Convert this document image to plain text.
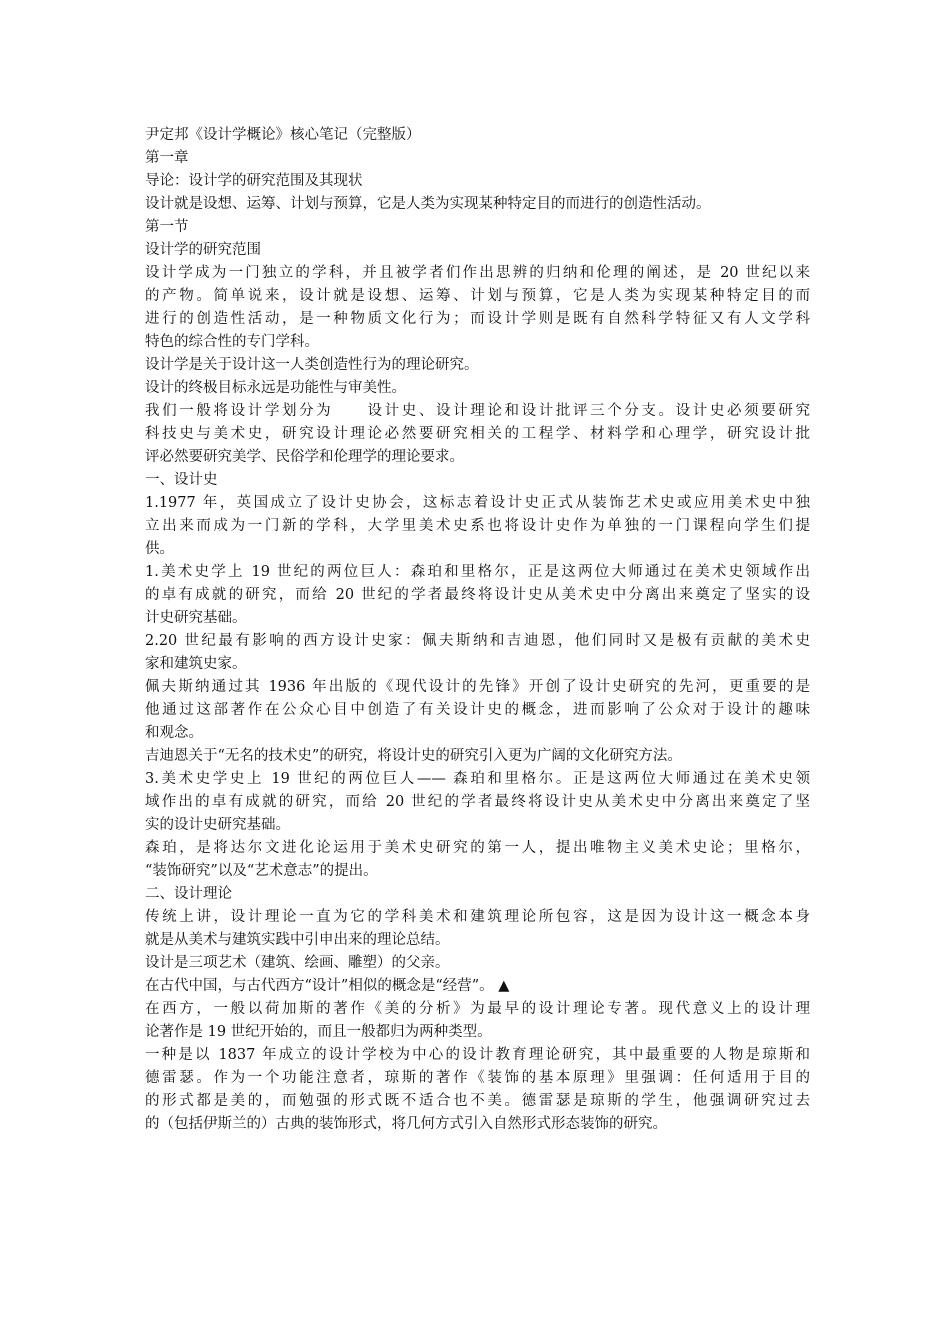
尹定邦《设计学概论》核心笔记（完整版）
第一章
导论：设计学的研究范围及其现状
设计就是设想、运筹、计划与预算，它是人类为实现某种特定目的而进行的创造性活动。
第一节
设计学的研究范围
设计学成为一门独立的学科，并且被学者们作出思辨的归纳和伦理的阐述，是 20 世纪以来
的产物。简单说来，设计就是设想、运筹、计划与预算，它是人类为实现某种特定目的而
进行的创造性活动，是一种物质文化行为；而设计学则是既有自然科学特征又有人文学科
特色的综合性的专门学科。
设计学是关于设计这一人类创造性行为的理论研究。
设计的终极目标永远是功能性与审美性。
我们一般将设计学划分为　　设计史、设计理论和设计批评三个分支。设计史必须要研究
科技史与美术史，研究设计理论必然要研究相关的工程学、材料学和心理学，研究设计批
评必然要研究美学、民俗学和伦理学的理论要求。
一、设计史
1.1977 年，英国成立了设计史协会，这标志着设计史正式从装饰艺术史或应用美术史中独
立出来而成为一门新的学科，大学里美术史系也将设计史作为单独的一门课程向学生们提
供。
1.美术史学上 19 世纪的两位巨人：森珀和里格尔，正是这两位大师通过在美术史领域作出
的卓有成就的研究，而给 20 世纪的学者最终将设计史从美术史中分离出来奠定了坚实的设
计史研究基础。
2.20 世纪最有影响的西方设计史家：佩夫斯纳和吉迪恩，他们同时又是极有贡献的美术史
家和建筑史家。
佩夫斯纳通过其 1936 年出版的《现代设计的先锋》开创了设计史研究的先河，更重要的是
他通过这部著作在公众心目中创造了有关设计史的概念，进而影响了公众对于设计的趣味
和观念。
吉迪恩关于“无名的技术史”的研究，将设计史的研究引入更为广阔的文化研究方法。
3.美术史学史上 19 世纪的两位巨人—— 森珀和里格尔。正是这两位大师通过在美术史领
域作出的卓有成就的研究，而给 20 世纪的学者最终将设计史从美术史中分离出来奠定了坚
实的设计史研究基础。
森珀，是将达尔文进化论运用于美术史研究的第一人，提出唯物主义美术史论；里格尔，
“装饰研究”以及“艺术意志”的提出。
二、设计理论
传统上讲，设计理论一直为它的学科美术和建筑理论所包容，这是因为设计这一概念本身
就是从美术与建筑实践中引申出来的理论总结。
设计是三项艺术（建筑、绘画、雕塑）的父亲。
在古代中国，与古代西方“设计”相似的概念是“经营”。 ▲
在西方，一般以荷加斯的著作《美的分析》为最早的设计理论专著。现代意义上的设计理
论著作是 19 世纪开始的，而且一般都归为两种类型。
一种是以 1837 年成立的设计学校为中心的设计教育理论研究，其中最重要的人物是琼斯和
德雷瑟。作为一个功能注意者，琼斯的著作《装饰的基本原理》里强调：任何适用于目的
的形式都是美的，而勉强的形式既不适合也不美。德雷瑟是琼斯的学生，他强调研究过去
的（包括伊斯兰的）古典的装饰形式，将几何方式引入自然形式形态装饰的研究。
